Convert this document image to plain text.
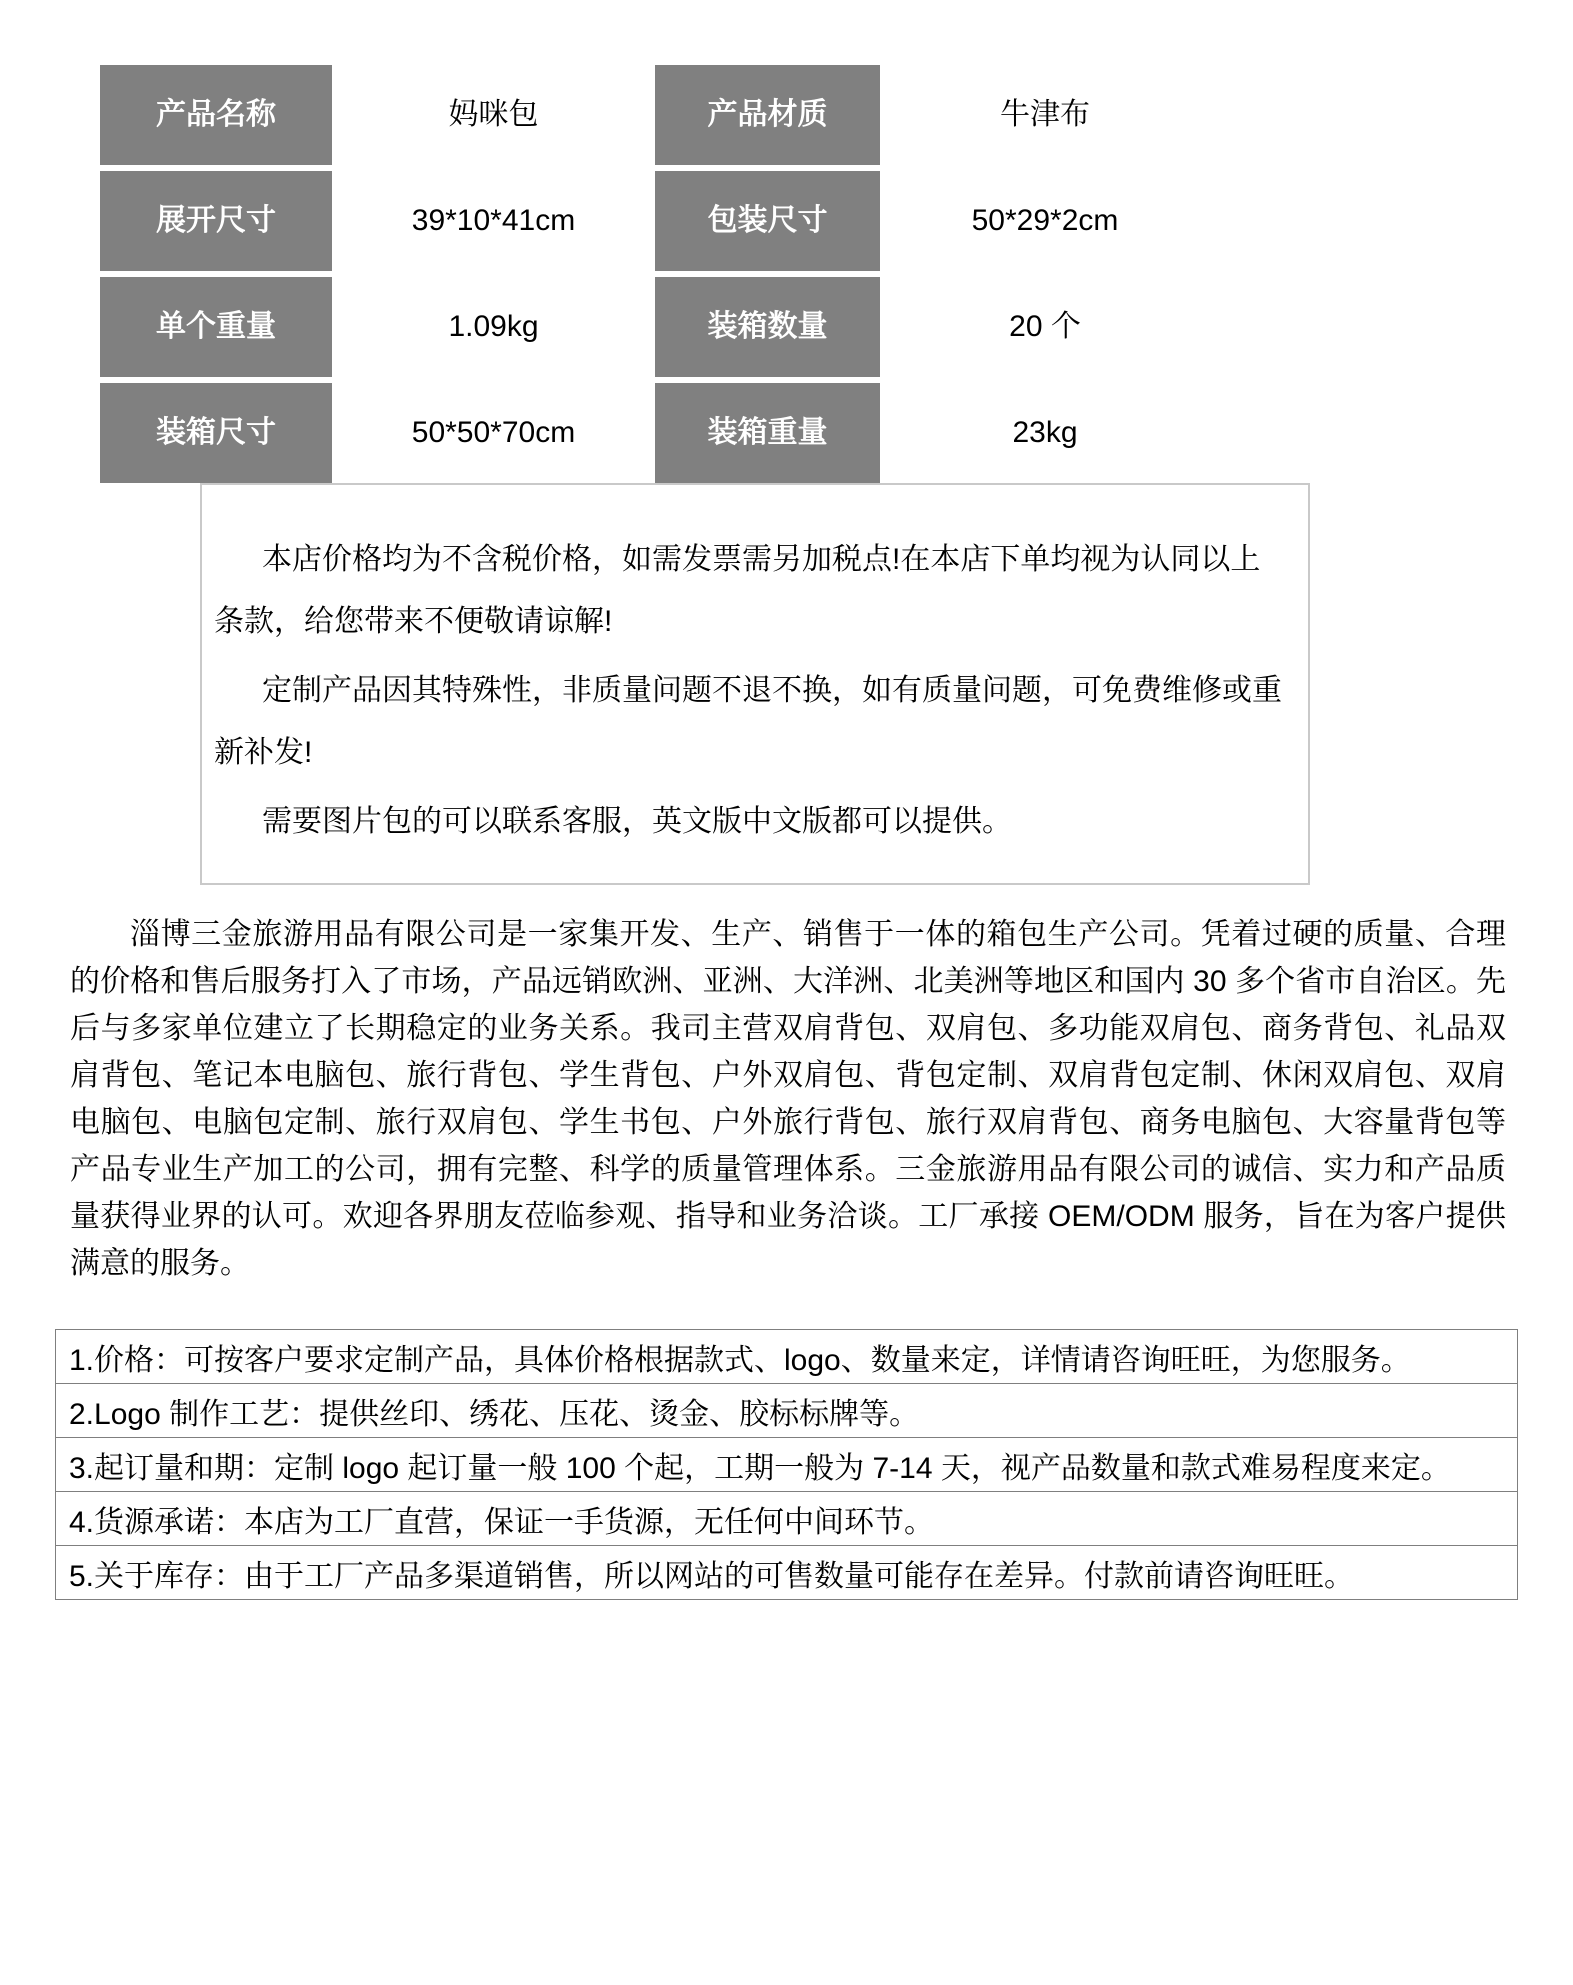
产品名称	妈咪包	产品材质	牛津布
展开尺寸	39*10*41cm	包装尺寸	50*29*2cm
单个重量	1.09kg	装箱数量	20 个
装箱尺寸	50*50*70cm	装箱重量	23kg

本店价格均为不含税价格，如需发票需另加税点!在本店下单均视为认同以上条款，给您带来不便敬请谅解!

定制产品因其特殊性，非质量问题不退不换，如有质量问题，可免费维修或重新补发!

需要图片包的可以联系客服，英文版中文版都可以提供。

淄博三金旅游用品有限公司是一家集开发、生产、销售于一体的箱包生产公司。凭着过硬的质量、合理的价格和售后服务打入了市场，产品远销欧洲、亚洲、大洋洲、北美洲等地区和国内 30 多个省市自治区。先后与多家单位建立了长期稳定的业务关系。我司主营双肩背包、双肩包、多功能双肩包、商务背包、礼品双肩背包、笔记本电脑包、旅行背包、学生背包、户外双肩包、背包定制、双肩背包定制、休闲双肩包、双肩电脑包、电脑包定制、旅行双肩包、学生书包、户外旅行背包、旅行双肩背包、商务电脑包、大容量背包等产品专业生产加工的公司，拥有完整、科学的质量管理体系。三金旅游用品有限公司的诚信、实力和产品质量获得业界的认可。欢迎各界朋友莅临参观、指导和业务洽谈。工厂承接 OEM/ODM 服务，旨在为客户提供满意的服务。

1.价格：可按客户要求定制产品，具体价格根据款式、logo、数量来定，详情请咨询旺旺，为您服务。
2.Logo 制作工艺：提供丝印、绣花、压花、烫金、胶标标牌等。
3.起订量和期：定制 logo 起订量一般 100 个起，工期一般为 7-14 天，视产品数量和款式难易程度来定。
4.货源承诺：本店为工厂直营，保证一手货源，无任何中间环节。
5.关于库存：由于工厂产品多渠道销售，所以网站的可售数量可能存在差异。付款前请咨询旺旺。
